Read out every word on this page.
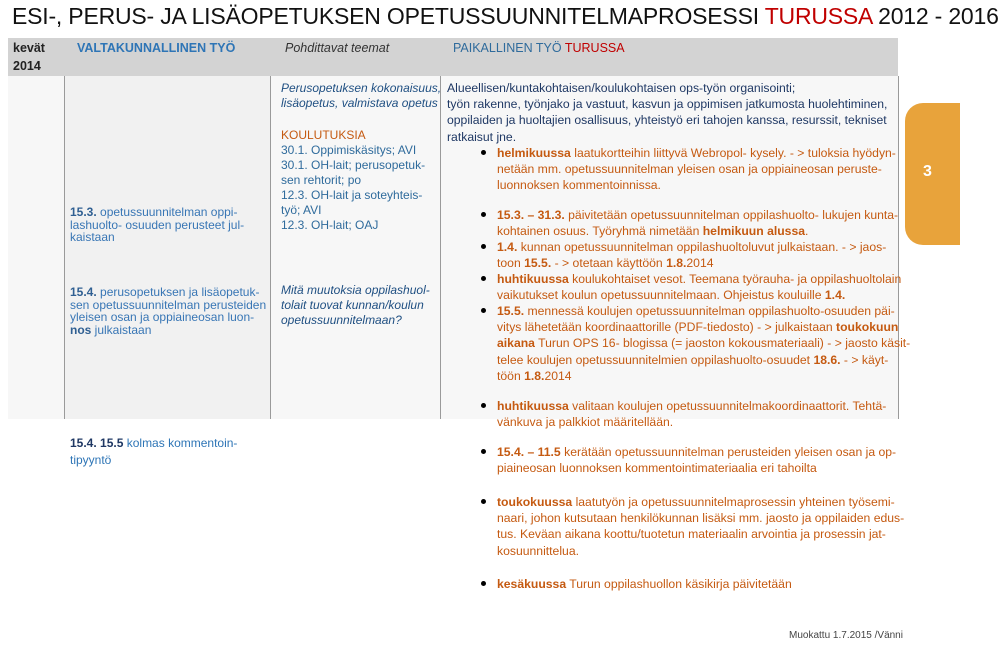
ESI-, PERUS- JA LISÄOPETUKSEN OPETUSSUUNNITELMAPROSESSI TURUSSA 2012 - 2016
kevät
2014
VALTAKUNNALLINEN TYÖ	Pohdittavat teemat	PAIKALLINEN TYÖ TURUSSA
15.3. opetussuunnitelman oppi-
lashuolto- osuuden perusteet jul-
kaistaan
15.4. perusopetuksen ja lisäopetuk-
sen opetussuunnitelman perusteiden
yleisen osan ja oppiaineosan luon-
nos julkaistaan
15.4. 15.5 kolmas kommentoin-
tipyyntö
Perusopetuksen kokonaisuus,
lisäopetus, valmistava opetus
KOULUTUKSIA
30.1. Oppimiskäsitys; AVI
30.1. OH-lait; perusopetuk-
sen rehtorit; po
12.3. OH-lait ja soteyhteis-
työ; AVI
12.3. OH-lait; OAJ
Mitä muutoksia oppilashuol-
tolait tuovat kunnan/koulun
opetussuunnitelmaan?
Alueellisen/kuntakohtaisen/koulukohtaisen ops-työn organisointi;
työn rakenne, työnjako ja vastuut, kasvun ja oppimisen jatkumosta huolehtiminen,
oppilaiden ja huoltajien osallisuus, yhteistyö eri tahojen kanssa, resurssit, tekniset
ratkaisut jne.
helmikuussa laatukortteihin liittyvä Webropol- kysely. - > tuloksia hyödyn-
netään mm. opetussuunnitelman yleisen osan ja oppiaineosan peruste-
luonnoksen kommentoinnissa.
15.3. – 31.3. päivitetään opetussuunnitelman oppilashuolto- lukujen kunta-
kohtainen osuus. Työryhmä nimetään helmikuun alussa.
1.4. kunnan opetussuunnitelman oppilashuoltoluvut julkaistaan. - > jaos-
toon 15.5. - > otetaan käyttöön 1.8.2014
huhtikuussa koulukohtaiset vesot. Teemana työrauha- ja oppilashuoltolain
vaikutukset koulun opetussuunnitelmaan. Ohjeistus kouluille 1.4.
15.5. mennessä koulujen opetussuunnitelman oppilashuolto-osuuden päi-
vitys lähetetään koordinaattorille (PDF-tiedosto) - > julkaistaan toukokuun
aikana Turun OPS 16- blogissa (= jaoston kokousmateriaali) - > jaosto käsit-
telee koulujen opetussuunnitelmien oppilashuolto-osuudet 18.6. - > käyt-
töön 1.8.2014
huhtikuussa valitaan koulujen opetussuunnitelmakoordinaattorit. Tehtä-
vänkuva ja palkkiot määritellään.
15.4. – 11.5 kerätään opetussuunnitelman perusteiden yleisen osan ja op-
piaineosan luonnoksen kommentointimateriaalia eri tahoilta
toukokuussa laatutyön ja opetussuunnitelmaprosessin yhteinen työsemi-
naari, johon kutsutaan henkilökunnan lisäksi mm. jaosto ja oppilaiden edus-
tus. Keväan aikana koottu/tuotetun materiaalin arvointia ja prosessin jat-
kosuunnittelua.
kesäkuussa Turun oppilashuollon käsikirja päivitetään
3
Muokattu 1.7.2015 /Vänni
